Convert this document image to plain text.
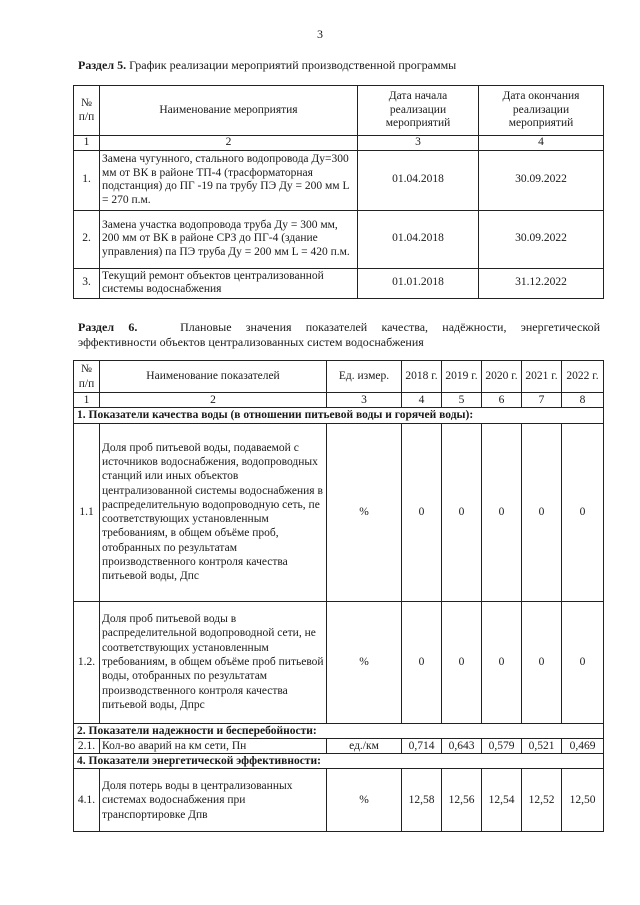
3
Раздел 5. График реализации мероприятий производственной программы
№ п/п	Наименование мероприятия	Дата начала реализации мероприятий	Дата окончания реализации мероприятий
1	2	3	4
1.	Замена чугунного, стального водопровода Ду=300 мм от ВК в районе ТП-4 (трасформаторная подстанция) до ПГ -19 па трубу ПЭ Ду = 200 мм L = 270 п.м.	01.04.2018	30.09.2022
2.	Замена участка водопровода труба Ду = 300 мм, 200 мм от ВК в районе СРЗ до ПГ-4 (здание управления) па ПЭ труба Ду = 200 мм L = 420 п.м.	01.04.2018	30.09.2022
3.	Текущий ремонт объектов централизованной системы водоснабжения	01.01.2018	31.12.2022
Раздел 6.	Плановые значения показателей качества, надёжности, энергетической
эффективности объектов централизованных систем водоснабжения
№ п/п	Наименование показателей	Ед. измер.	2018 г.	2019 г.	2020 г.	2021 г.	2022 г.
1	2	3	4	5	6	7	8
1. Показатели качества воды (в отношении питьевой воды и горячей воды):							
1.1	Доля проб питьевой воды, подаваемой с источников водоснабжения, водопроводных станций или иных объектов централизованной системы водоснабжения в распределительную водопроводную сеть, пе соответствующих установленным требованиям, в общем объёме проб, отобранных по результатам производственного контроля качества питьевой воды, Дпс	%	0	0	0	0	0
1.2.	Доля проб питьевой воды в распределительной водопроводной сети, не соответствующих установленным требованиям, в общем объёме проб питьевой воды, отобранных по результатам производственного контроля качества питьевой воды, Дпрс	%	0	0	0	0	0
2. Показатели надежности и бесперебойности:							
2.1.	Кол-во аварий на км сети, Пн	ед./км	0,714	0,643	0,579	0,521	0,469
4. Показатели энергетической эффективности:							
4.1.	Доля потерь воды в централизованных системах водоснабжения при транспортировке Дпв	%	12,58	12,56	12,54	12,52	12,50
